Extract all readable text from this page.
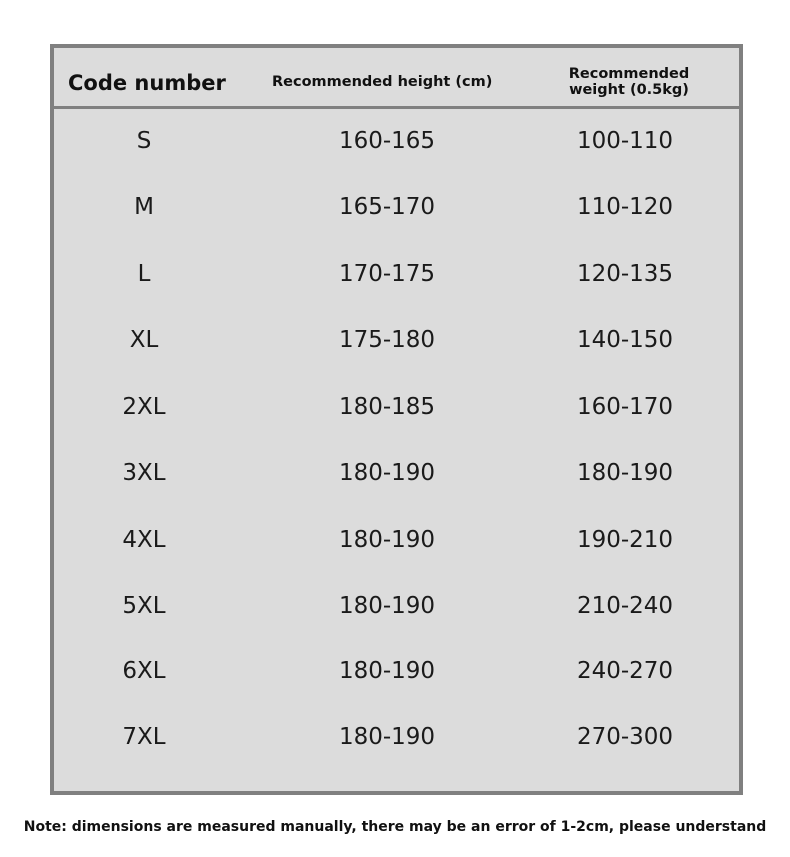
Code number	Recommended height (cm)	Recommended
weight (0.5kg)
S	160-165	100-110
M	165-170	110-120
L	170-175	120-135
XL	175-180	140-150
2XL	180-185	160-170
3XL	180-190	180-190
4XL	180-190	190-210
5XL	180-190	210-240
6XL	180-190	240-270
7XL	180-190	270-300
Note: dimensions are measured manually, there may be an error of 1-2cm, please understand
